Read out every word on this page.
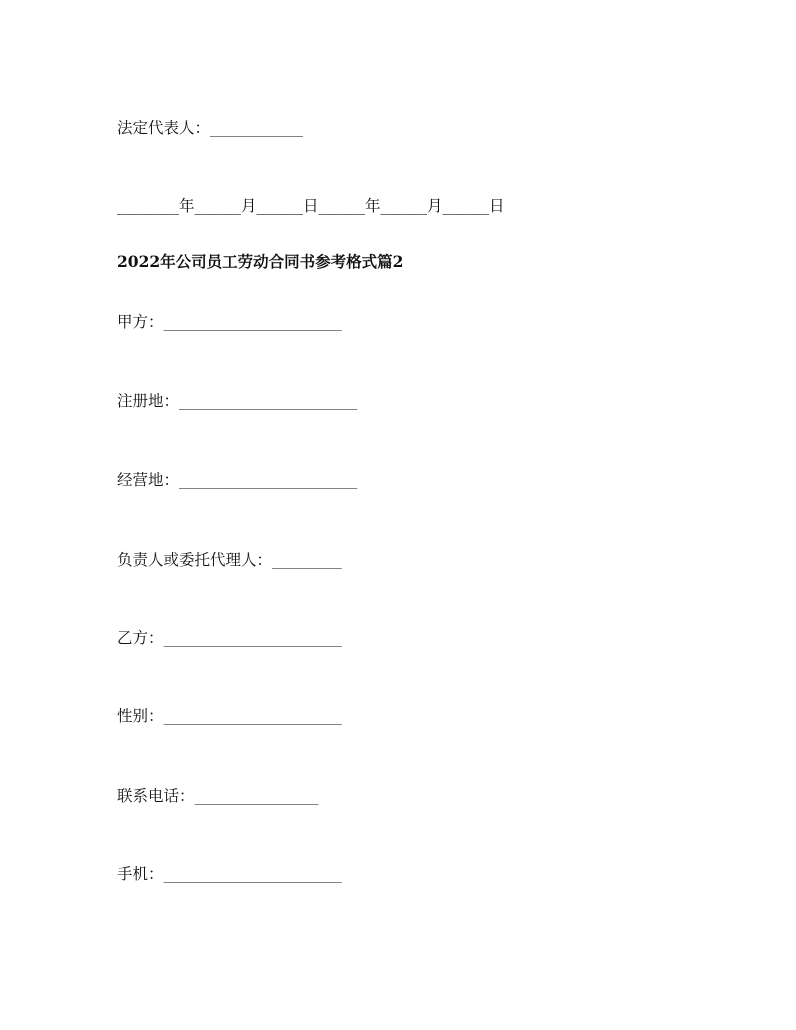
法定代表人：____________
________年______月______日______年______月______日
2022年公司员工劳动合同书参考格式篇2
甲方：_______________________
注册地：_______________________
经营地：_______________________
负责人或委托代理人：_________
乙方：_______________________
性别：_______________________
联系电话：________________
手机：_______________________
